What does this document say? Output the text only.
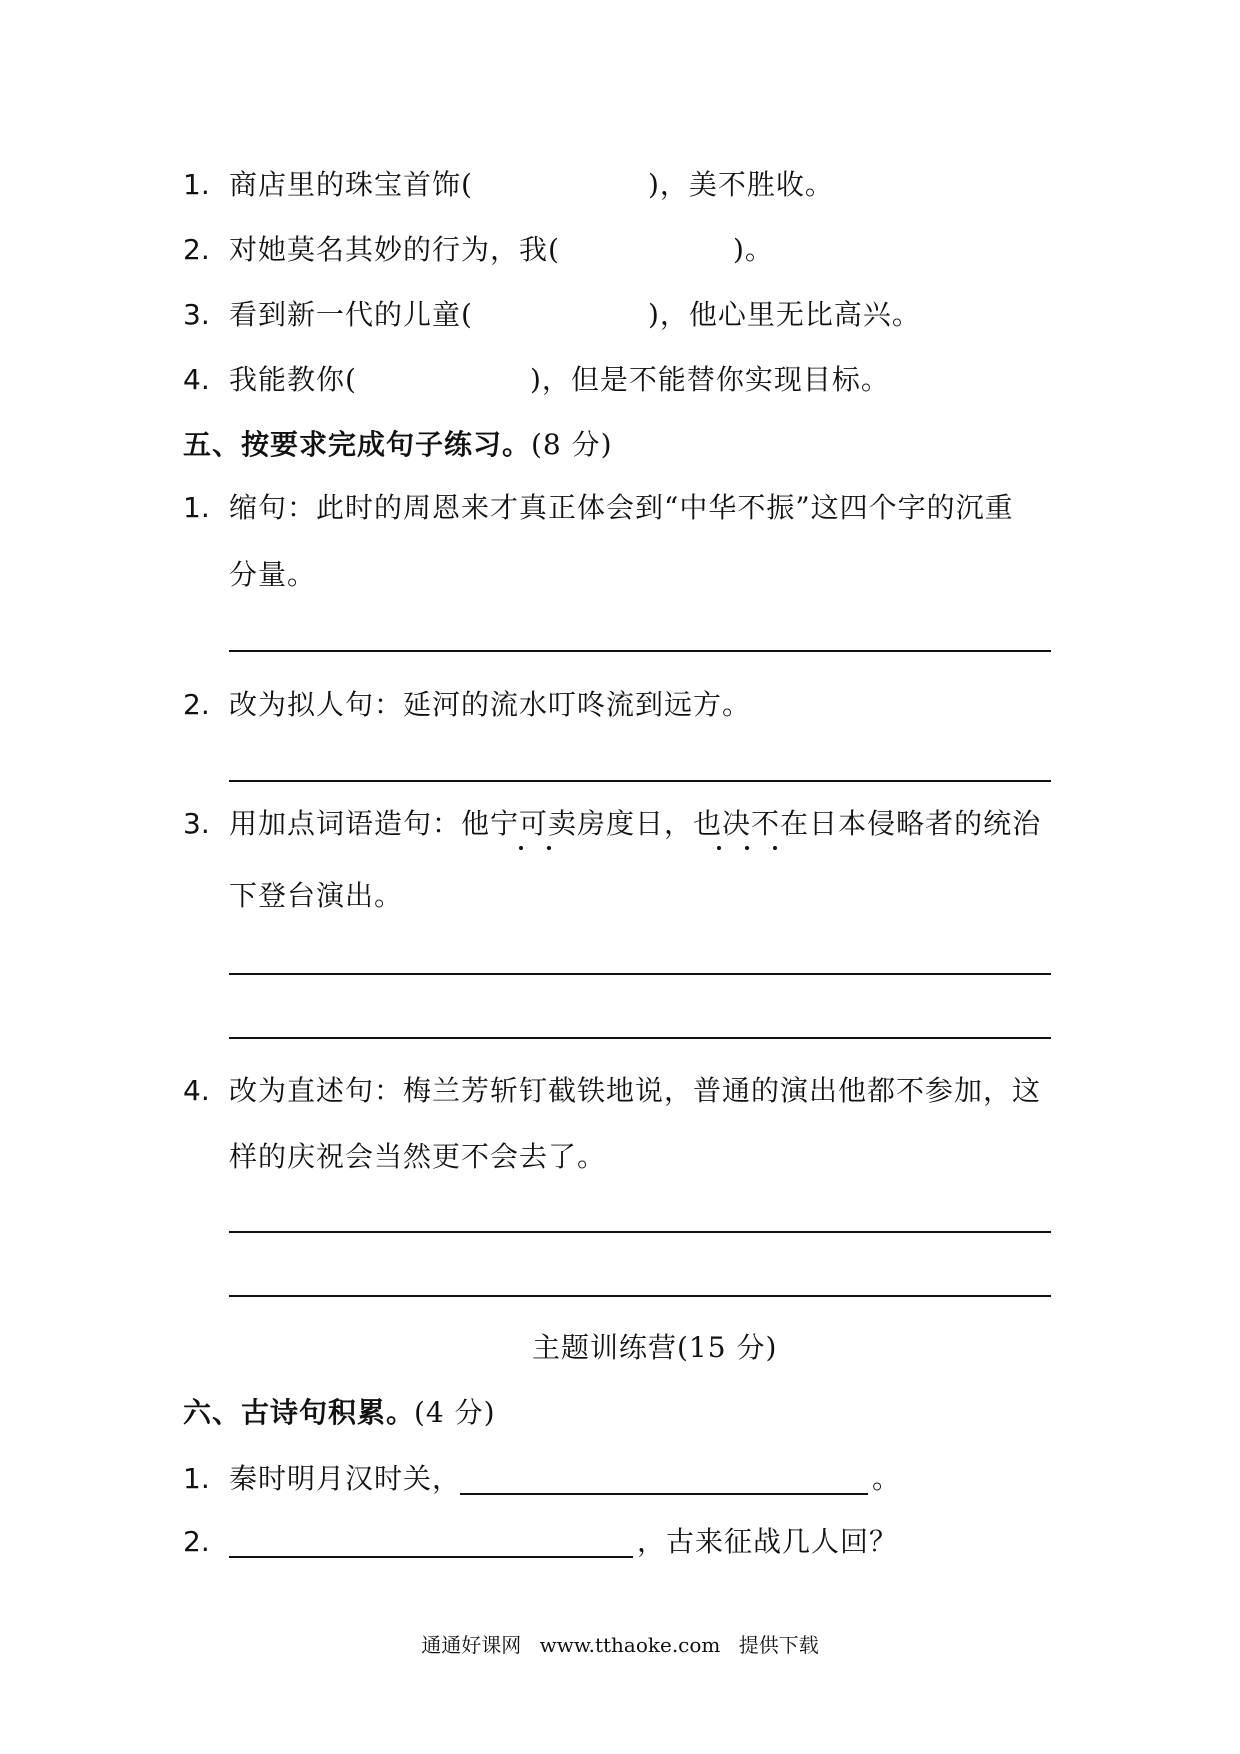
1. 商店里的珠宝首饰(	)，美不胜收。
2. 对她莫名其妙的行为，我(	)。
3. 看到新一代的儿童(	)，他心里无比高兴。
4. 我能教你(	)，但是不能替你实现目标。
五、按要求完成句子练习。 (8 分)
1. 缩句：此时的周恩来才真正体会到“中华不振”这四个字的沉重
分量。
2. 改为拟人句：延河的流水叮咚流到远方。
3. 用加点词语造句：他宁可卖房度日，也决不在日本侵略者的统治
下登台演出。
4. 改为直述句：梅兰芳斩钉截铁地说，普通的演出他都不参加，这
样的庆祝会当然更不会去了。
主题训练营(15 分)
六、古诗句积累。
(4 分)
1. 秦时明月汉时关，	。
2.	，古来征战几人回？
通通好课网 www.tthaoke.com 提供下载
